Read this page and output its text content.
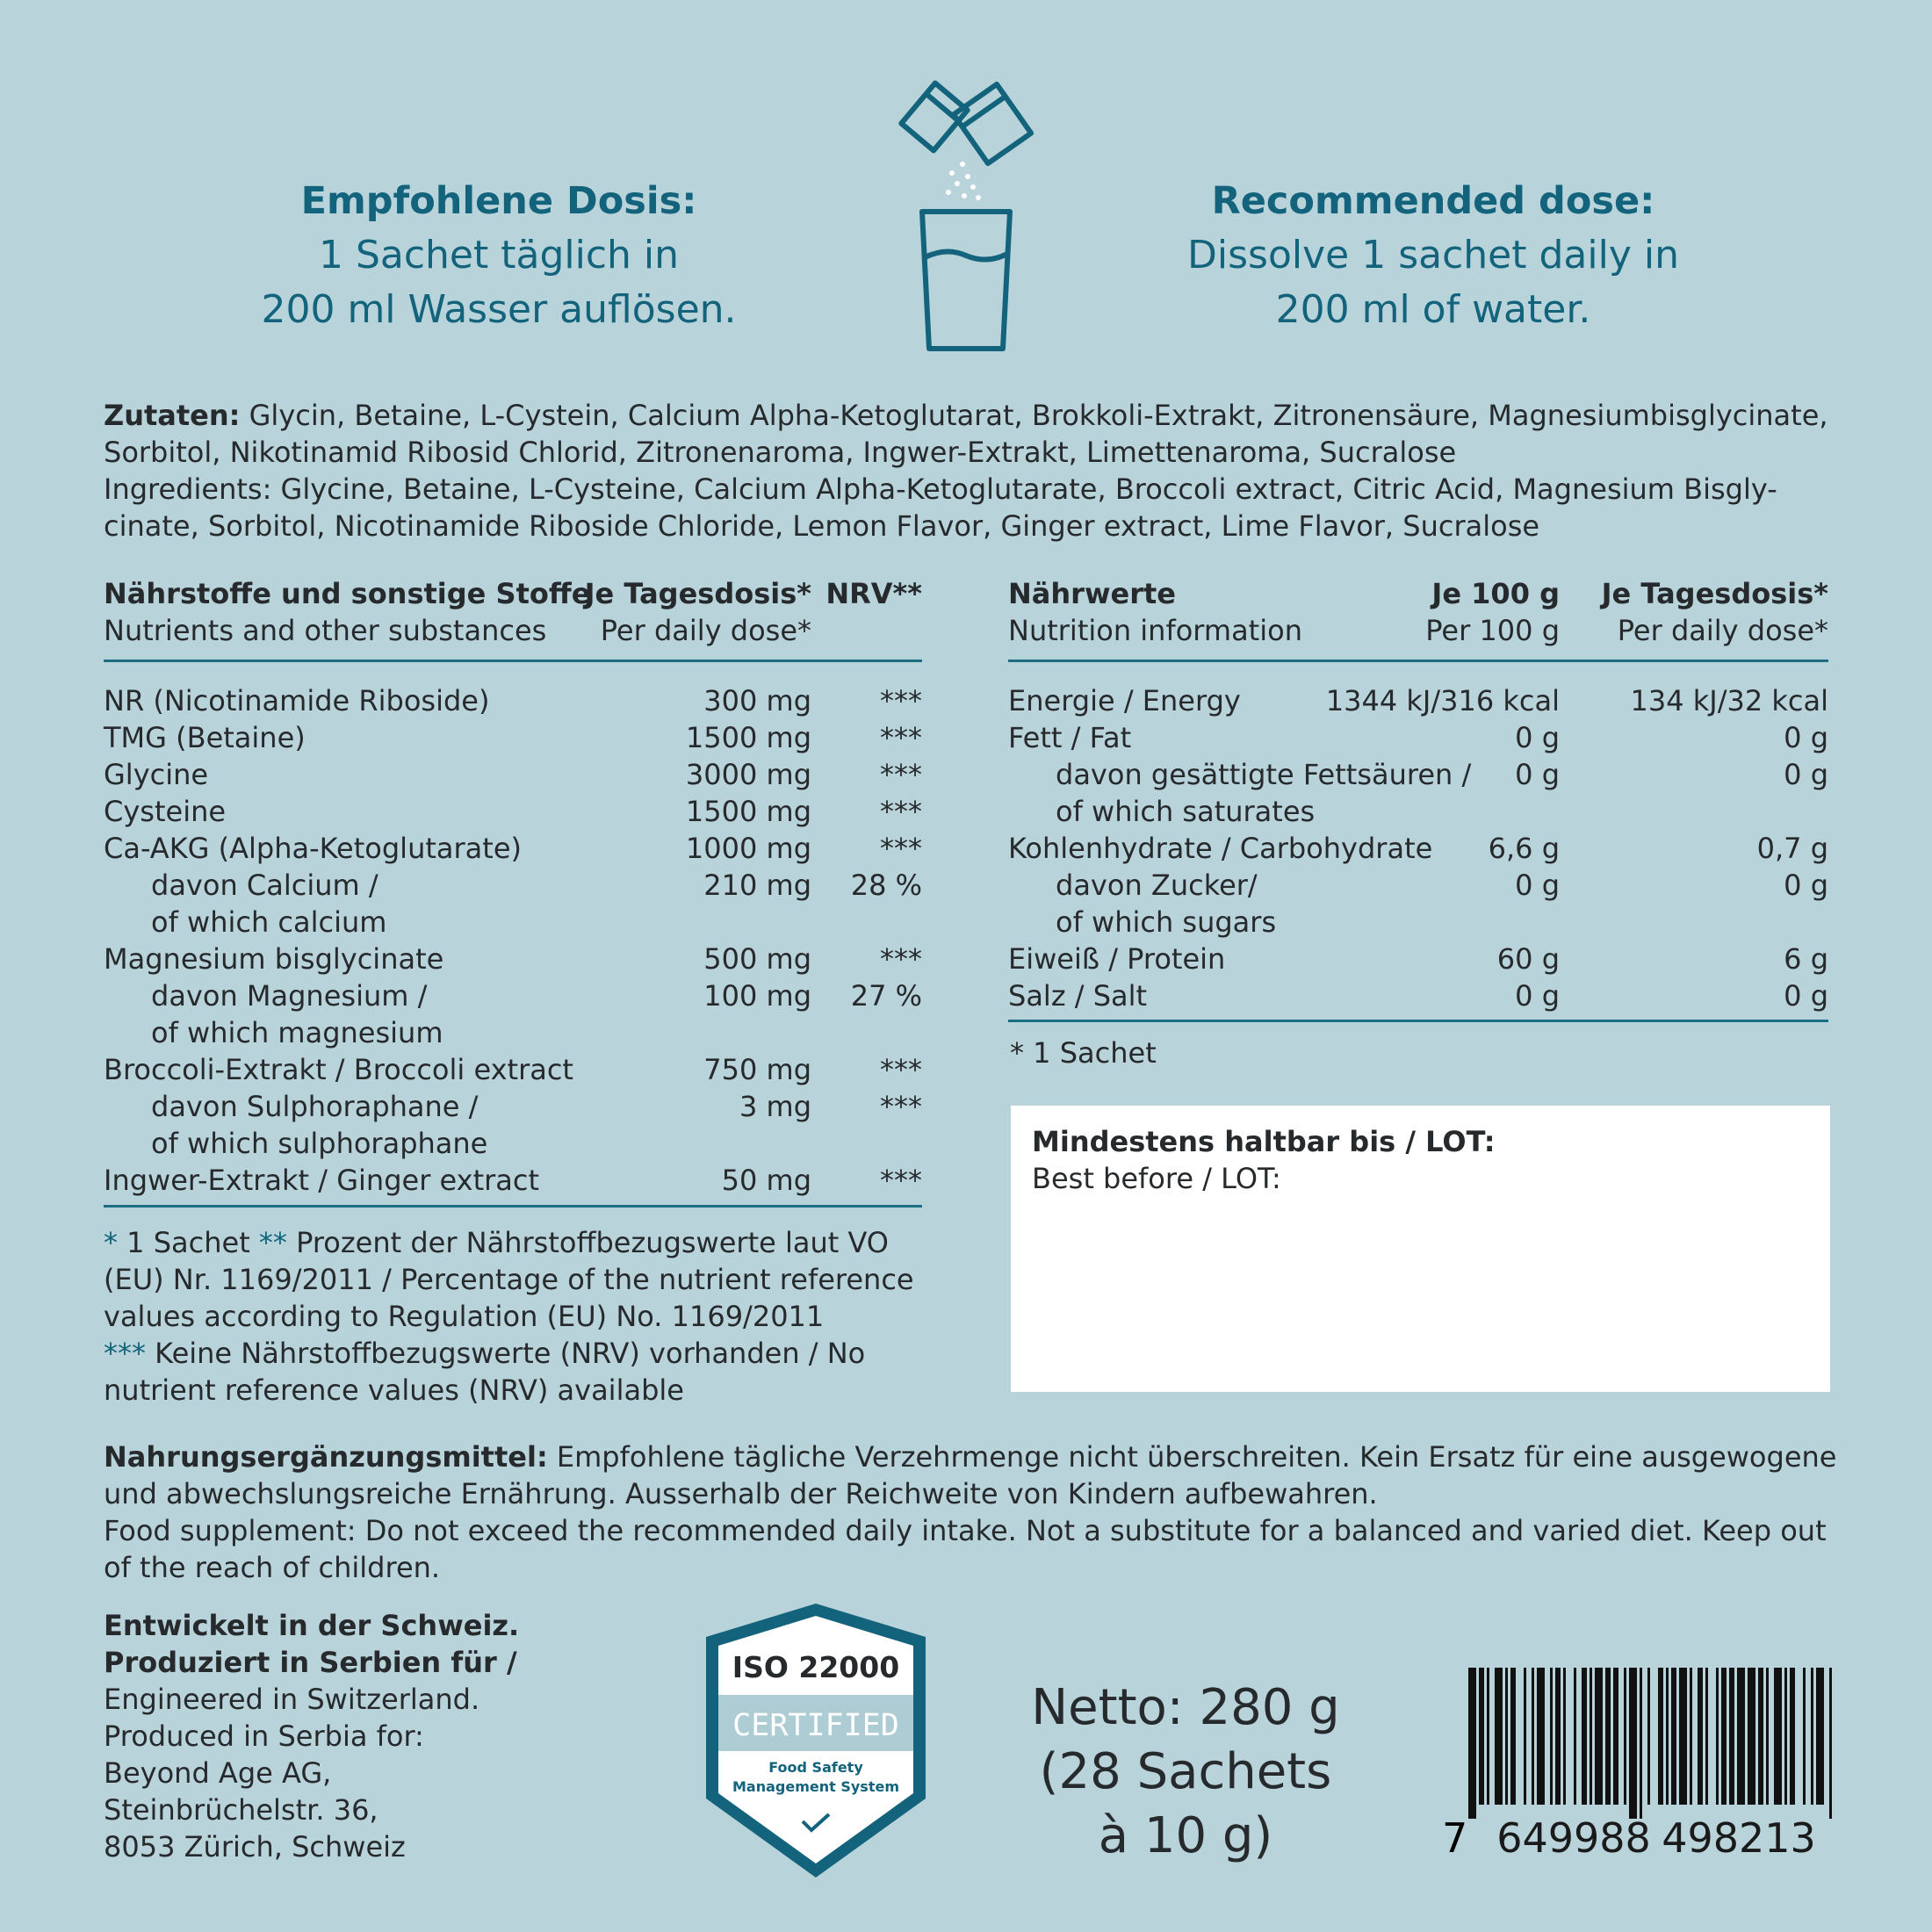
Empfohlene Dosis:
1 Sachet täglich in
200 ml Wasser auflösen.
Recommended dose:
Dissolve 1 sachet daily in
200 ml of water.

Zutaten: Glycin, Betaine, L-Cystein, Calcium Alpha-Ketoglutarat, Brokkoli-Extrakt, Zitronensäure, Magnesiumbisglycinate, Sorbitol, Nikotinamid Ribosid Chlorid, Zitronenaroma, Ingwer-Extrakt, Limettenaroma, Sucralose

Ingredients: Glycine, Betaine, L-Cysteine, Calcium Alpha-Ketoglutarate, Broccoli extract, Citric Acid, Magnesium Bisgly-cinate, Sorbitol, Nicotinamide Riboside Chloride, Lemon Flavor, Ginger extract, Lime Flavor, Sucralose

Nährstoffe und sonstige Stoffe
Je Tagesdosis* NRV**
Nutrients and other substances Per daily dose*
NR (Nicotinamide Riboside)	300 mg ***
TMG (Betaine)	1500 mg ***
Glycine	3000 mg ***
Cysteine	1500 mg ***
Ca-AKG (Alpha-Ketoglutarate)	1000 mg ***
davon Calcium /	210 mg 28 %
of which calcium
Magnesium bisglycinate	500 mg ***
davon Magnesium /	100 mg 27 %
of which magnesium
Broccoli-Extrakt / Broccoli extract	750 mg ***
davon Sulphoraphane /	3 mg ***
of which sulphoraphane
Ingwer-Extrakt / Ginger extract	50 mg ***

* 1 Sachet ** Prozent der Nährstoffbezugswerte laut VO (EU) Nr. 1169/2011 / Percentage of the nutrient reference values according to Regulation (EU) No. 1169/2011

*** Keine Nährstoffbezugswerte (NRV) vorhanden / No nutrient reference values (NRV) available

Nährwerte	Je 100 g Je Tagesdosis*
Nutrition information	Per 100 g Per daily dose*
Energie / Energy	1344 kJ/316 kcal	134 kJ/32 kcal
Fett / Fat	0 g	0 g
davon gesättigte Fettsäuren / 0 g	0 g
of which saturates
Kohlenhydrate / Carbohydrate 6,6 g	0,7 g
davon Zucker/	0 g	0 g
of which sugars
Eiweiß / Protein	60 g	6 g
Salz / Salt	0 g	0 g
* 1 Sachet
Mindestens haltbar bis / LOT:
Best before / LOT:

Nahrungsergänzungsmittel: Empfohlene tägliche Verzehrmenge nicht überschreiten. Kein Ersatz für eine ausgewogene und abwechslungsreiche Ernährung. Ausserhalb der Reichweite von Kindern aufbewahren.

Food supplement: Do not exceed the recommended daily intake. Not a substitute for a balanced and varied diet. Keep out of the reach of children.

Entwickelt in der Schweiz.

Produziert in Serbien für /

Engineered in Switzerland.

Produced in Serbia for:

Beyond Age AG,

Steinbrüchelstr. 36,

8053 Zürich, Schweiz

ISO 22000
CERTIFIED
Food Safety
Management System
Netto: 280 g
(28 Sachets
à 10 g)	7 649988 498213
